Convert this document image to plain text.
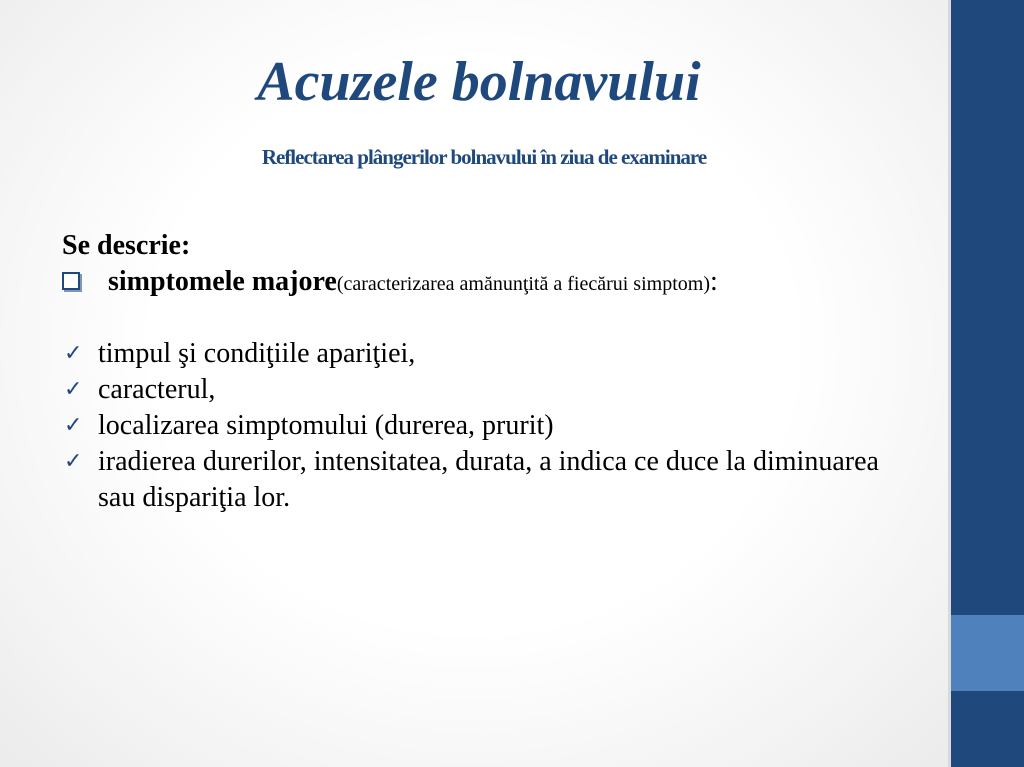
Acuzele bolnavului
Reflectarea plângerilor bolnavului în ziua de examinare
Se descrie:
simptomele majore(caracterizarea amănunţită a fiecărui simptom):
✓ timpul şi condiţiile apariţiei,
✓ caracterul,
✓ localizarea simptomului (durerea, prurit)
✓ iradierea durerilor, intensitatea, durata, a indica ce duce la diminuarea sau dispariţia lor.
